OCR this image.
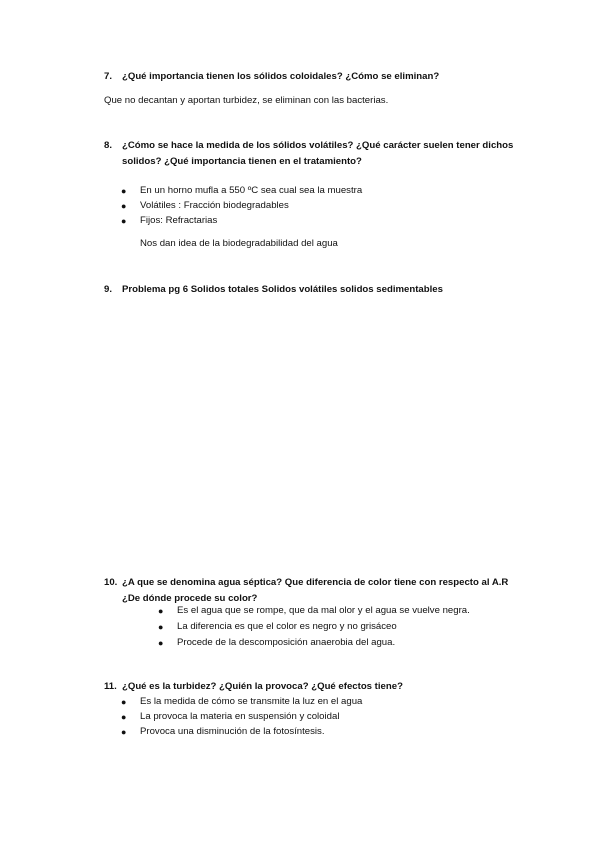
7. ¿Qué importancia tienen los sólidos coloidales? ¿Cómo se eliminan?
Que no decantan y aportan turbidez, se eliminan con las bacterias.
8. ¿Cómo se hace la medida de los sólidos volátiles? ¿Qué carácter suelen tener dichos solidos? ¿Qué importancia tienen en el tratamiento?
● En un horno mufla a 550 ºC sea cual sea la muestra
● Volátiles : Fracción biodegradables
● Fijos: Refractarias
Nos dan idea de la biodegradabilidad del agua
9. Problema pg 6 Solidos totales Solidos volátiles solidos sedimentables
10. ¿A que se denomina agua séptica? Que diferencia de color tiene con respecto al A.R ¿De dónde procede su color?
● Es el agua que se rompe, que da mal olor y el agua se vuelve negra.
● La diferencia es que el color es negro y no grisáceo
● Procede de la descomposición anaerobia del agua.
11. ¿Qué es la turbidez? ¿Quién la provoca? ¿Qué efectos tiene?
● Es la medida de cómo se transmite la luz en el agua
● La provoca la materia en suspensión y coloidal
● Provoca una disminución de la fotosíntesis.
